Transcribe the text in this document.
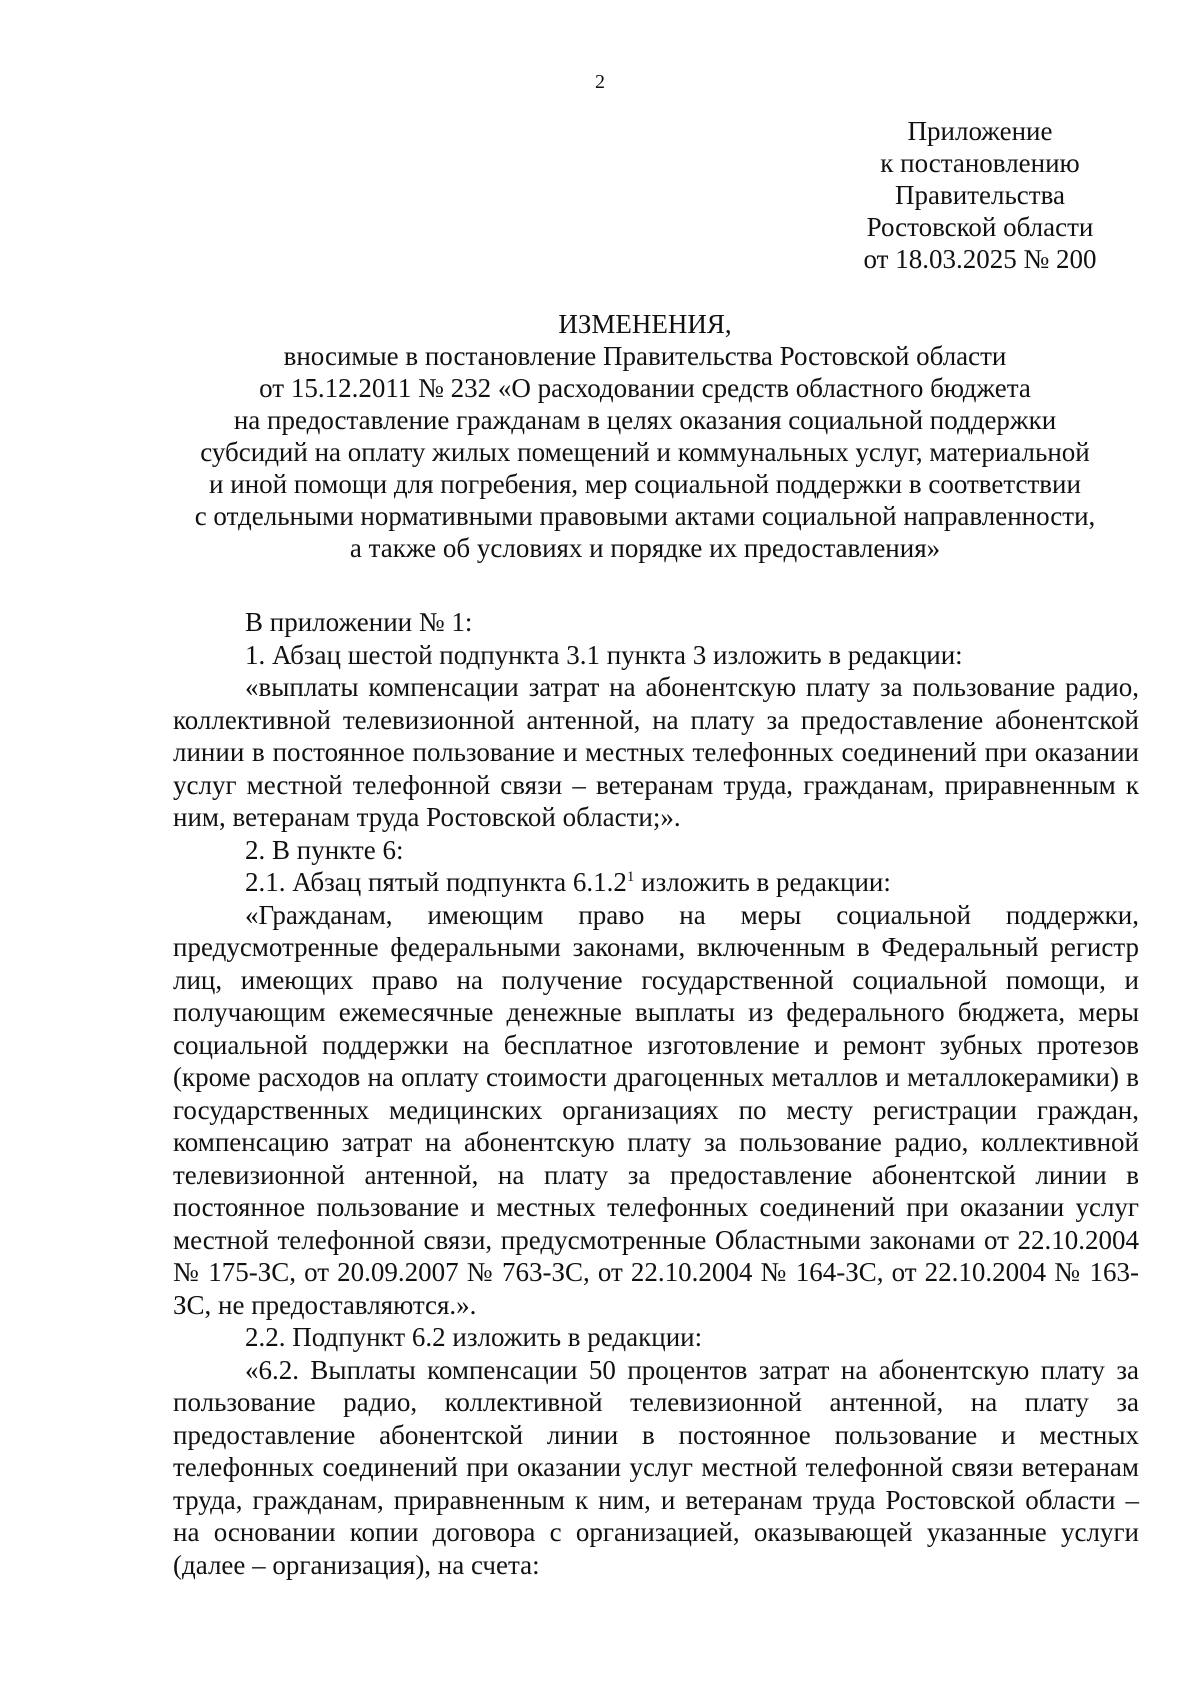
2
Приложение
к постановлению
Правительства
Ростовской области
от 18.03.2025 № 200
ИЗМЕНЕНИЯ,
вносимые в постановление Правительства Ростовской области
от 15.12.2011 № 232 «О расходовании средств областного бюджета
на предоставление гражданам в целях оказания социальной поддержки
субсидий на оплату жилых помещений и коммунальных услуг, материальной
и иной помощи для погребения, мер социальной поддержки в соответствии
с отдельными нормативными правовыми актами социальной направленности,
а также об условиях и порядке их предоставления»

В приложении № 1:

1. Абзац шестой подпункта 3.1 пункта 3 изложить в редакции:

«выплаты компенсации затрат на абонентскую плату за пользование радио, коллективной телевизионной антенной, на плату за предоставление абонентской линии в постоянное пользование и местных телефонных соединений при оказании услуг местной телефонной связи – ветеранам труда, гражданам, приравненным к ним, ветеранам труда Ростовской области;».

2. В пункте 6:

2.1. Абзац пятый подпункта 6.1.2$^1$ изложить в редакции:

«Гражданам, имеющим право на меры социальной поддержки, предусмотренные федеральными законами, включенным в Федеральный регистр лиц, имеющих право на получение государственной социальной помощи, и получающим ежемесячные денежные выплаты из федерального бюджета, меры социальной поддержки на бесплатное изготовление и ремонт зубных протезов (кроме расходов на оплату стоимости драгоценных металлов и металлокерамики) в государственных медицинских организациях по месту регистрации граждан, компенсацию затрат на абонентскую плату за пользование радио, коллективной телевизионной антенной, на плату за предоставление абонентской линии в постоянное пользование и местных телефонных соединений при оказании услуг местной телефонной связи, предусмотренные Областными законами от 22.10.2004 № 175-ЗС, от 20.09.2007 № 763-ЗС, от 22.10.2004 № 164-ЗС, от 22.10.2004 № 163-ЗС, не предоставляются.».

2.2. Подпункт 6.2 изложить в редакции:

«6.2. Выплаты компенсации 50 процентов затрат на абонентскую плату за пользование радио, коллективной телевизионной антенной, на плату за предоставление абонентской линии в постоянное пользование и местных телефонных соединений при оказании услуг местной телефонной связи ветеранам труда, гражданам, приравненным к ним, и ветеранам труда Ростовской области – на основании копии договора с организацией, оказывающей указанные услуги (далее – организация), на счета:
